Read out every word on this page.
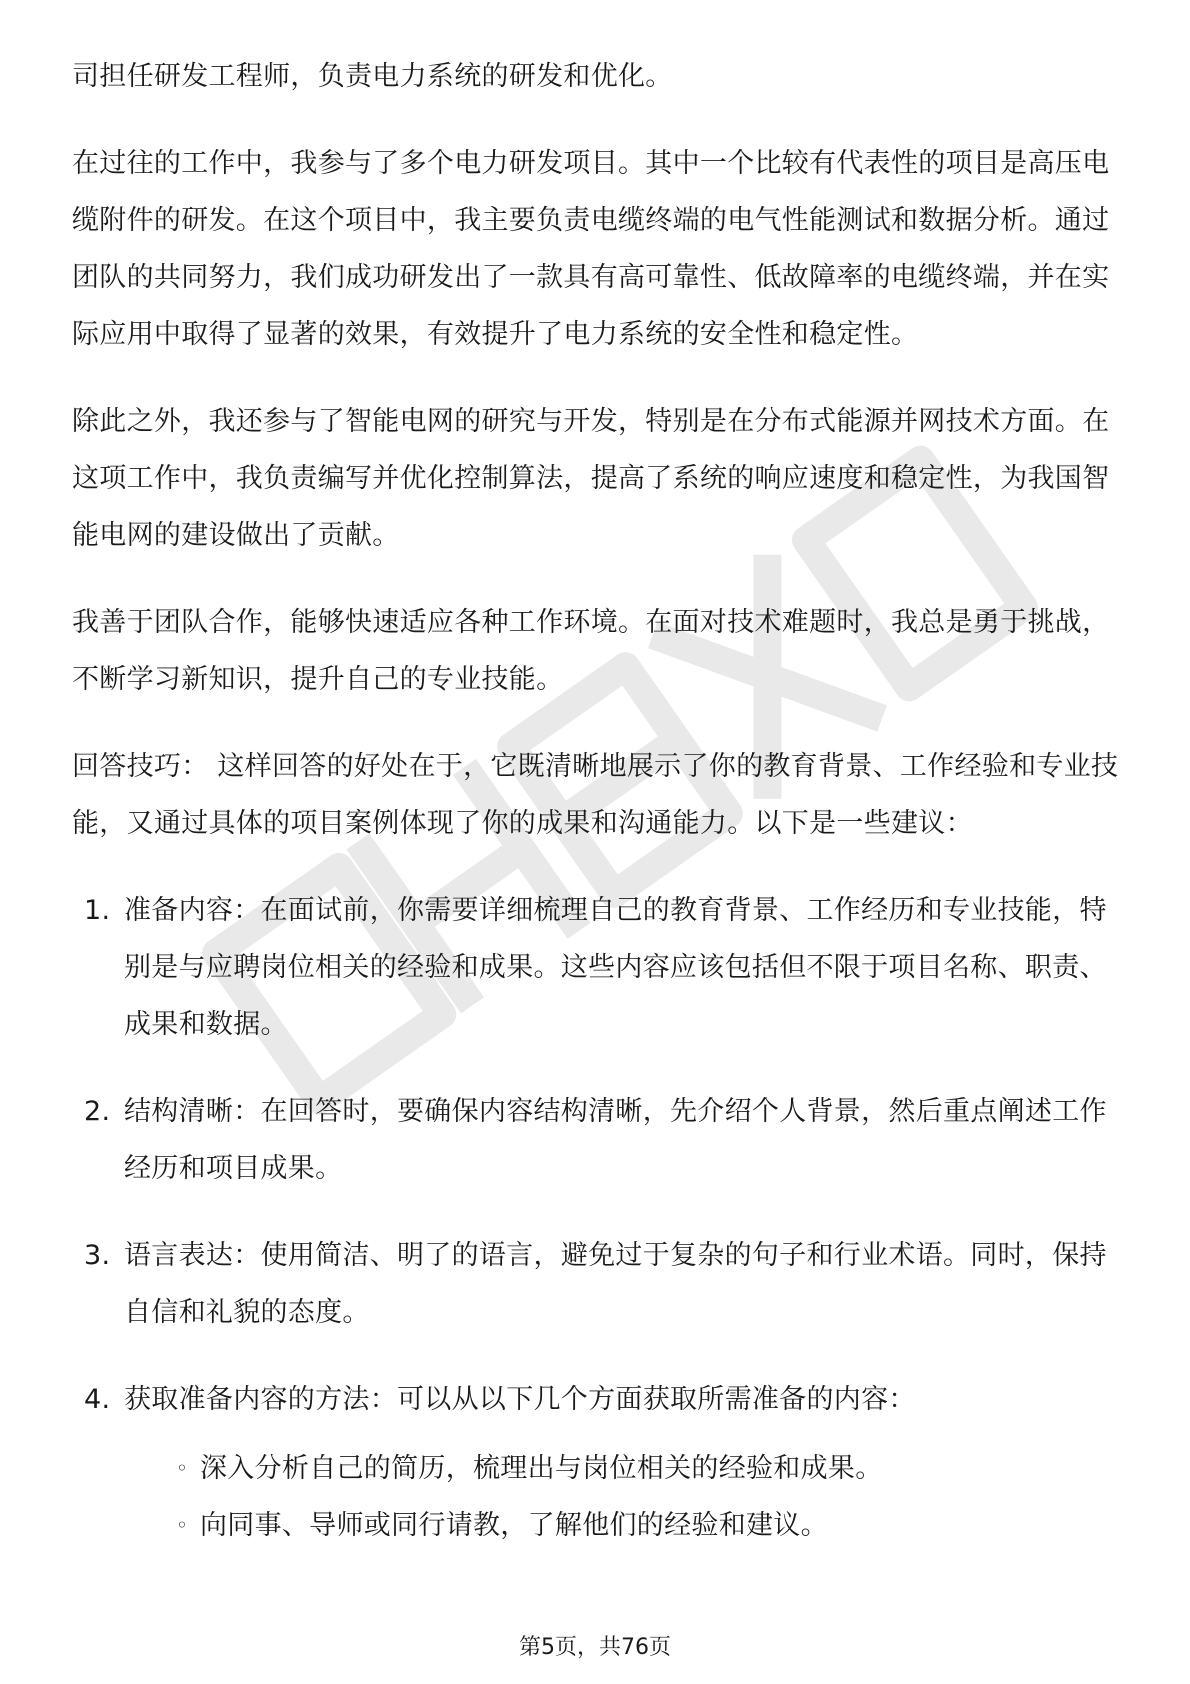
司担任研发工程师，负责电力系统的研发和优化。

在过往的工作中，我参与了多个电力研发项目。其中一个比较有代表性的项目是高压电缆附件的研发。在这个项目中，我主要负责电缆终端的电气性能测试和数据分析。通过团队的共同努力，我们成功研发出了一款具有高可靠性、低故障率的电缆终端，并在实际应用中取得了显著的效果，有效提升了电力系统的安全性和稳定性。

除此之外，我还参与了智能电网的研究与开发，特别是在分布式能源并网技术方面。在这项工作中，我负责编写并优化控制算法，提高了系统的响应速度和稳定性，为我国智能电网的建设做出了贡献。

我善于团队合作，能够快速适应各种工作环境。在面对技术难题时，我总是勇于挑战，不断学习新知识，提升自己的专业技能。

回答技巧： 这样回答的好处在于，它既清晰地展示了你的教育背景、工作经验和专业技能，又通过具体的项目案例体现了你的成果和沟通能力。以下是一些建议：

1. 准备内容：在面试前，你需要详细梳理自己的教育背景、工作经历和专业技能，特别是与应聘岗位相关的经验和成果。这些内容应该包括但不限于项目名称、职责、成果和数据。
2. 结构清晰：在回答时，要确保内容结构清晰，先介绍个人背景，然后重点阐述工作经历和项目成果。
3. 语言表达：使用简洁、明了的语言，避免过于复杂的句子和行业术语。同时，保持自信和礼貌的态度。
4. 获取准备内容的方法：可以从以下几个方面获取所需准备的内容：
◦ 深入分析自己的简历，梳理出与岗位相关的经验和成果。
◦ 向同事、导师或同行请教，了解他们的经验和建议。
第5页，共76页
